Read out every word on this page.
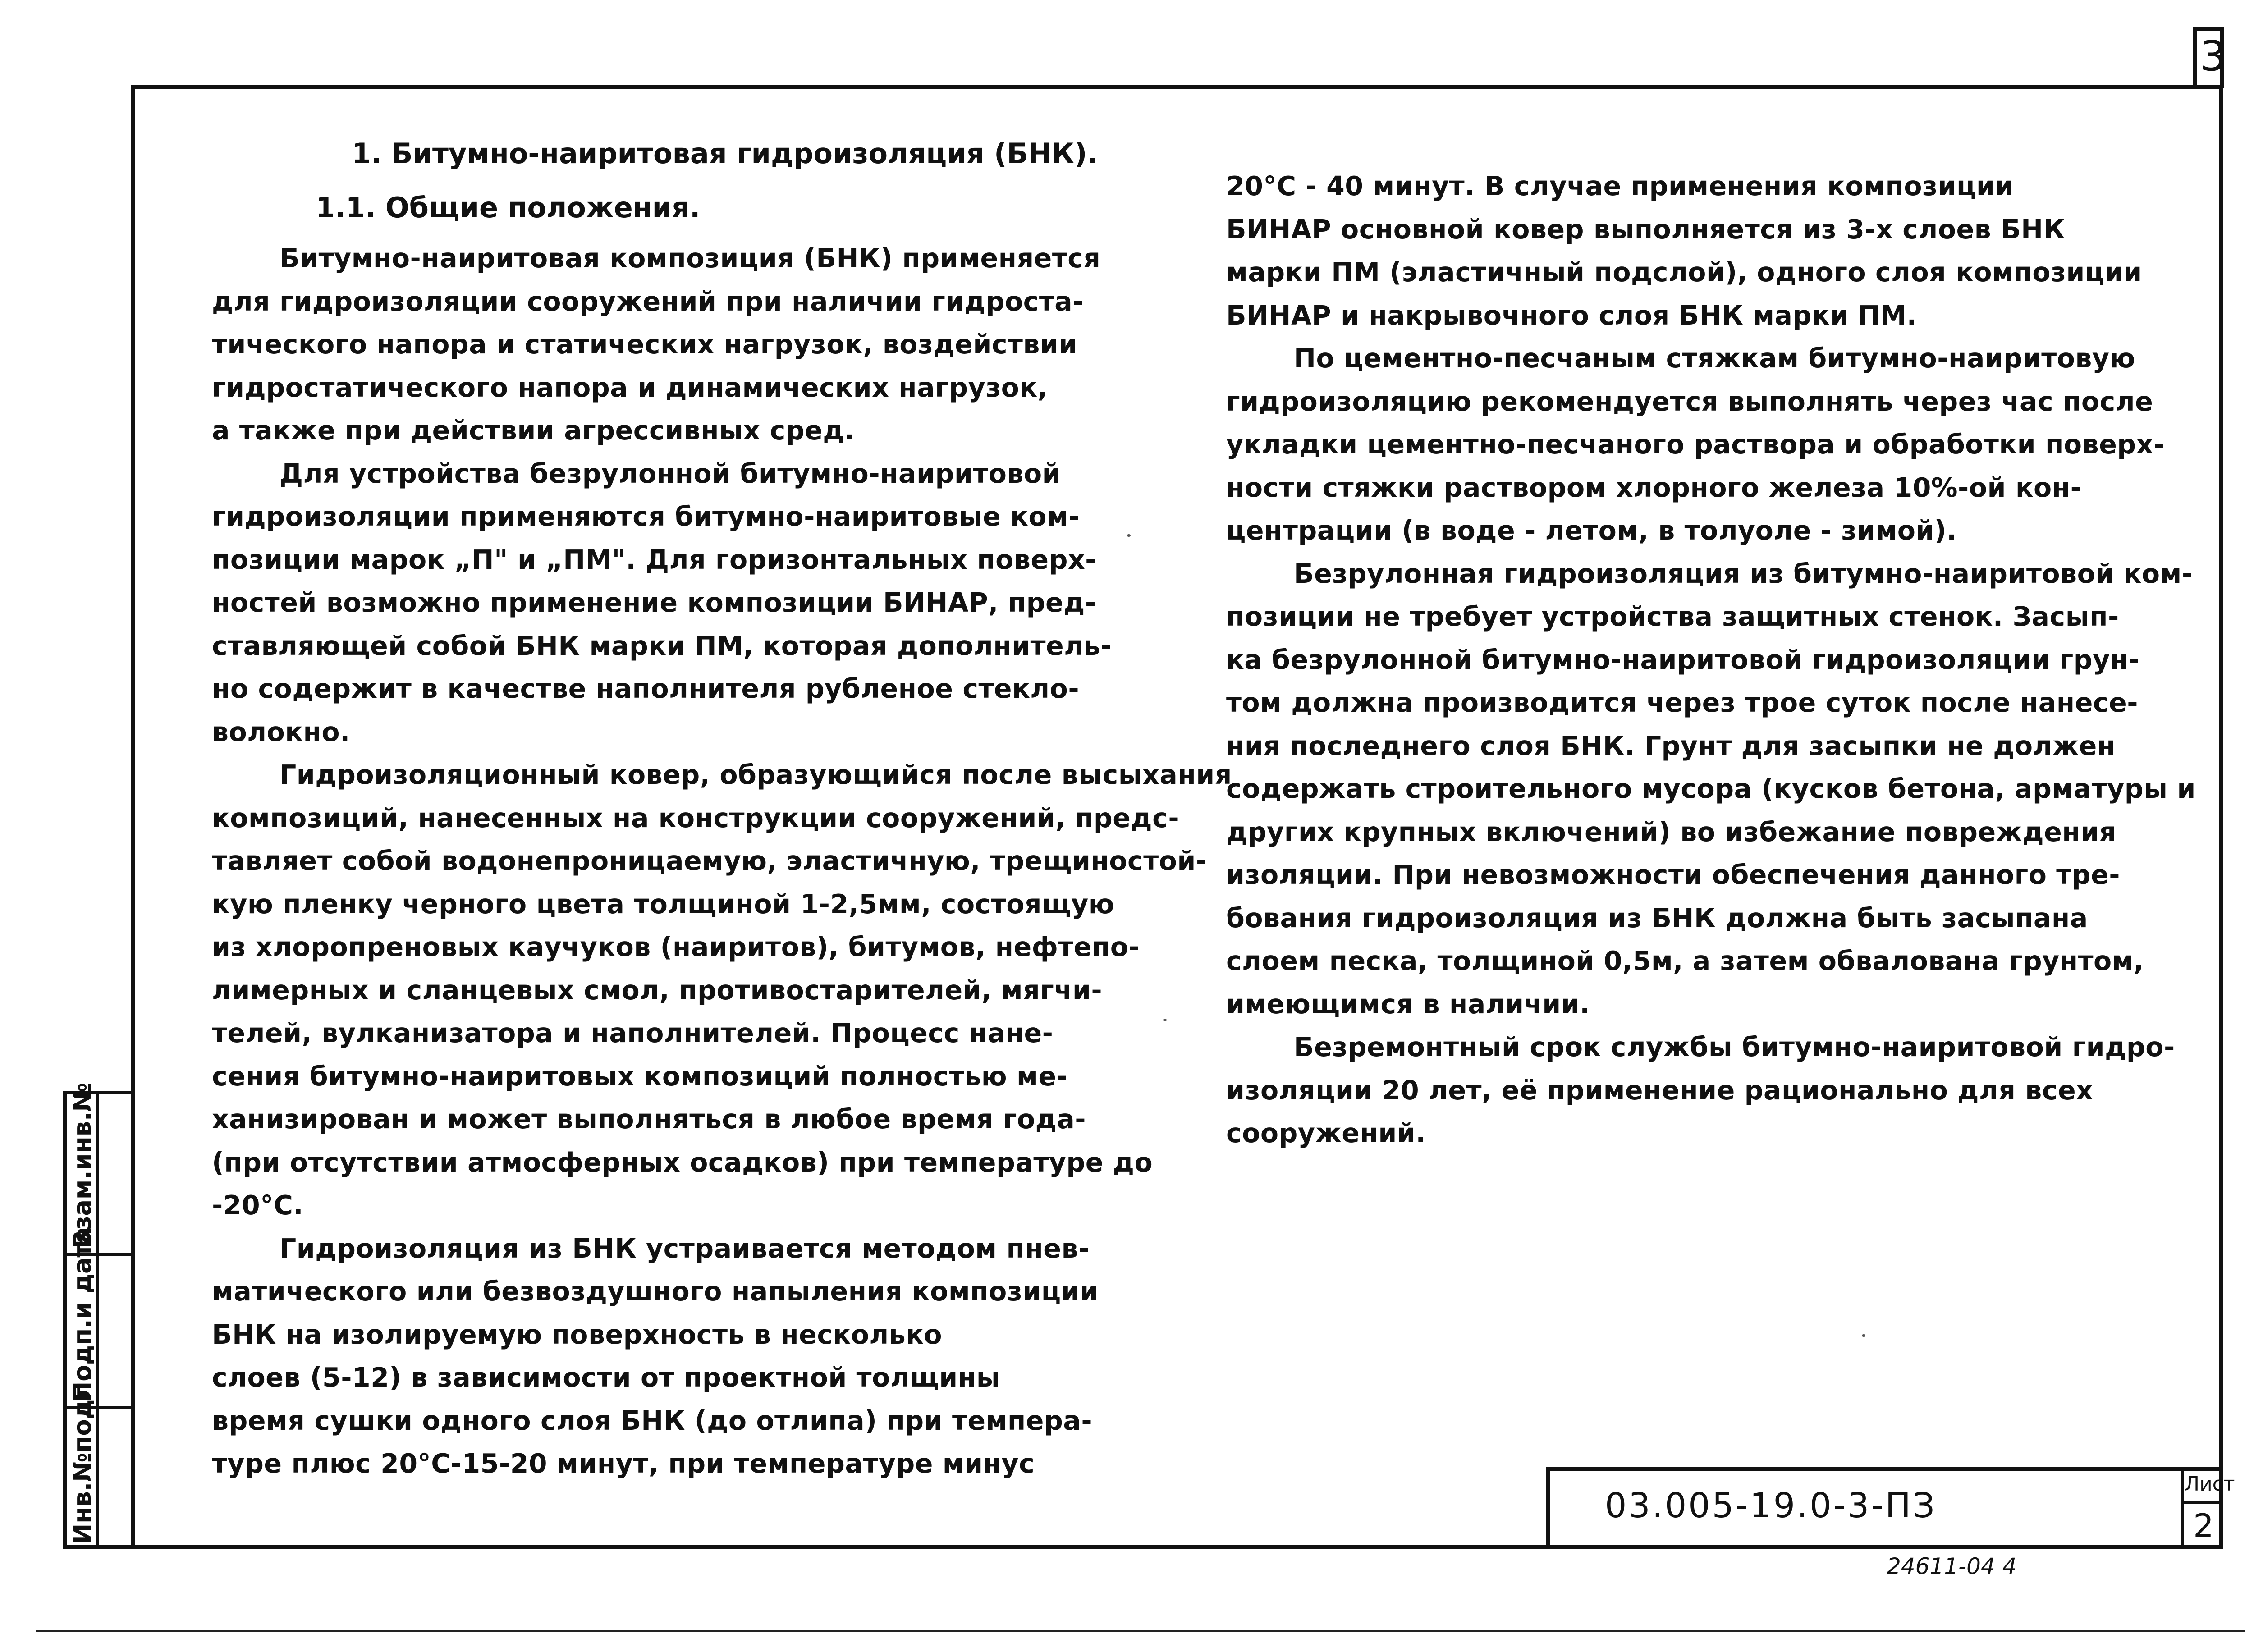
3
Инв.№подл.
Подп.и дата
Взам.инв.№
1. Битумно-наиритовая гидроизоляция (БНК).
1.1. Общие положения.
Битумно-наиритовая композиция (БНК) применяется
для гидроизоляции сооружений при наличии гидроста-
тического напора и статических нагрузок, воздействии
гидростатического напора и динамических нагрузок,
а также при действии агрессивных сред.
Для устройства безрулонной битумно-наиритовой
гидроизоляции применяются битумно-наиритовые ком-
позиции марок „П" и „ПМ". Для горизонтальных поверх-
ностей возможно применение композиции БИНАР, пред-
ставляющей собой БНК марки ПМ, которая дополнитель-
но содержит в качестве наполнителя рубленое стекло-
волокно.
Гидроизоляционный ковер, образующийся после высыхания
композиций, нанесенных на конструкции сооружений, предс-
тавляет собой водонепроницаемую, эластичную, трещиностой-
кую пленку черного цвета толщиной 1-2,5мм, состоящую
из хлоропреновых каучуков (наиритов), битумов, нефтепо-
лимерных и сланцевых смол, противостарителей, мягчи-
телей, вулканизатора и наполнителей. Процесс нане-
сения битумно-наиритовых композиций полностью ме-
ханизирован и может выполняться в любое время года-
(при отсутствии атмосферных осадков) при температуре до
-20°С.
Гидроизоляция из БНК устраивается методом пнев-
матического или безвоздушного напыления композиции
БНК на изолируемую поверхность в несколько
слоев (5-12) в зависимости от проектной толщины
время сушки одного слоя БНК (до отлипа) при темпера-
туре плюс 20°С-15-20 минут, при температуре минус
20°С - 40 минут. В случае применения композиции
БИНАР основной ковер выполняется из 3-х слоев БНК
марки ПМ (эластичный подслой), одного слоя композиции
БИНАР и накрывочного слоя БНК марки ПМ.
По цементно-песчаным стяжкам битумно-наиритовую
гидроизоляцию рекомендуется выполнять через час после
укладки цементно-песчаного раствора и обработки поверх-
ности стяжки раствором хлорного железа 10%-ой кон-
центрации (в воде - летом, в толуоле - зимой).
Безрулонная гидроизоляция из битумно-наиритовой ком-
позиции не требует устройства защитных стенок. Засып-
ка безрулонной битумно-наиритовой гидроизоляции грун-
том должна производится через трое суток после нанесе-
ния последнего слоя БНК. Грунт для засыпки не должен
содержать строительного мусора (кусков бетона, арматуры и
других крупных включений) во избежание повреждения
изоляции. При невозможности обеспечения данного тре-
бования гидроизоляция из БНК должна быть засыпана
слоем песка, толщиной 0,5м, а затем обвалована грунтом,
имеющимся в наличии.
Безремонтный срок службы битумно-наиритовой гидро-
изоляции 20 лет, её применение рационально для всех
сооружений.
03.005-19.0-3-ПЗ
Лист
2
24611-04 4
